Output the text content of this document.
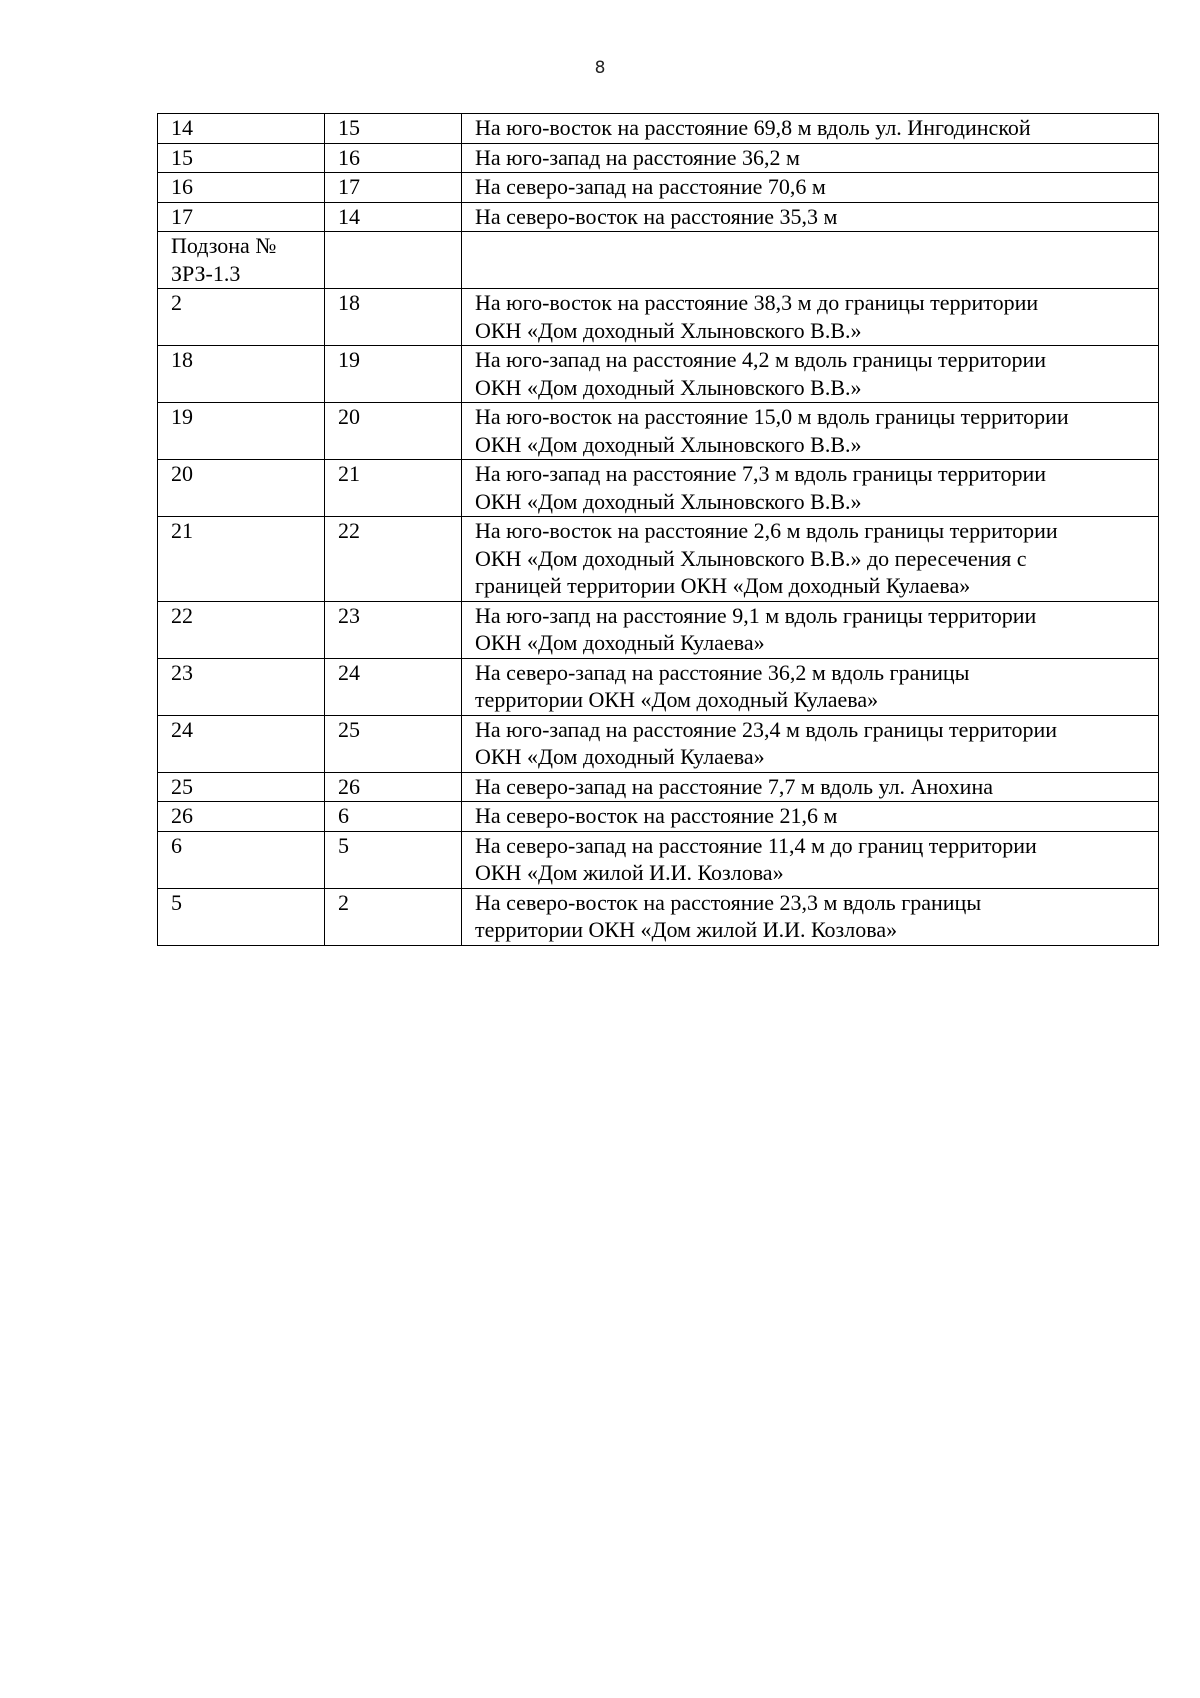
8
14	15	На юго-восток на расстояние 69,8 м вдоль ул. Ингодинской

15	16	На юго-запад на расстояние 36,2 м

16	17	На северо-запад на расстояние 70,6 м

17	14	На северо-восток на расстояние 35,3 м

Подзона №
ЗРЗ-1.3		

2	18	На юго-восток на расстояние 38,3 м до границы территории
ОКН «Дом доходный Хлыновского В.В.»

18	19	На юго-запад на расстояние 4,2 м вдоль границы территории
ОКН «Дом доходный Хлыновского В.В.»

19	20	На юго-восток на расстояние 15,0 м вдоль границы территории
ОКН «Дом доходный Хлыновского В.В.»

20	21	На юго-запад на расстояние 7,3 м вдоль границы территории
ОКН «Дом доходный Хлыновского В.В.»

21	22	На юго-восток на расстояние 2,6 м вдоль границы территории
ОКН «Дом доходный Хлыновского В.В.» до пересечения с
границей территории ОКН «Дом доходный Кулаева»

22	23	На юго-запд на расстояние 9,1 м вдоль границы территории
ОКН «Дом доходный Кулаева»

23	24	На северо-запад на расстояние 36,2 м вдоль границы
территории ОКН «Дом доходный Кулаева»

24	25	На юго-запад на расстояние 23,4 м вдоль границы территории
ОКН «Дом доходный Кулаева»

25	26	На северо-запад на расстояние 7,7 м вдоль ул. Анохина

26	6	На северо-восток на расстояние 21,6 м

6	5	На северо-запад на расстояние 11,4 м до границ территории
ОКН «Дом жилой И.И. Козлова»

5	2	На северо-восток на расстояние 23,3 м вдоль границы
территории ОКН «Дом жилой И.И. Козлова»
